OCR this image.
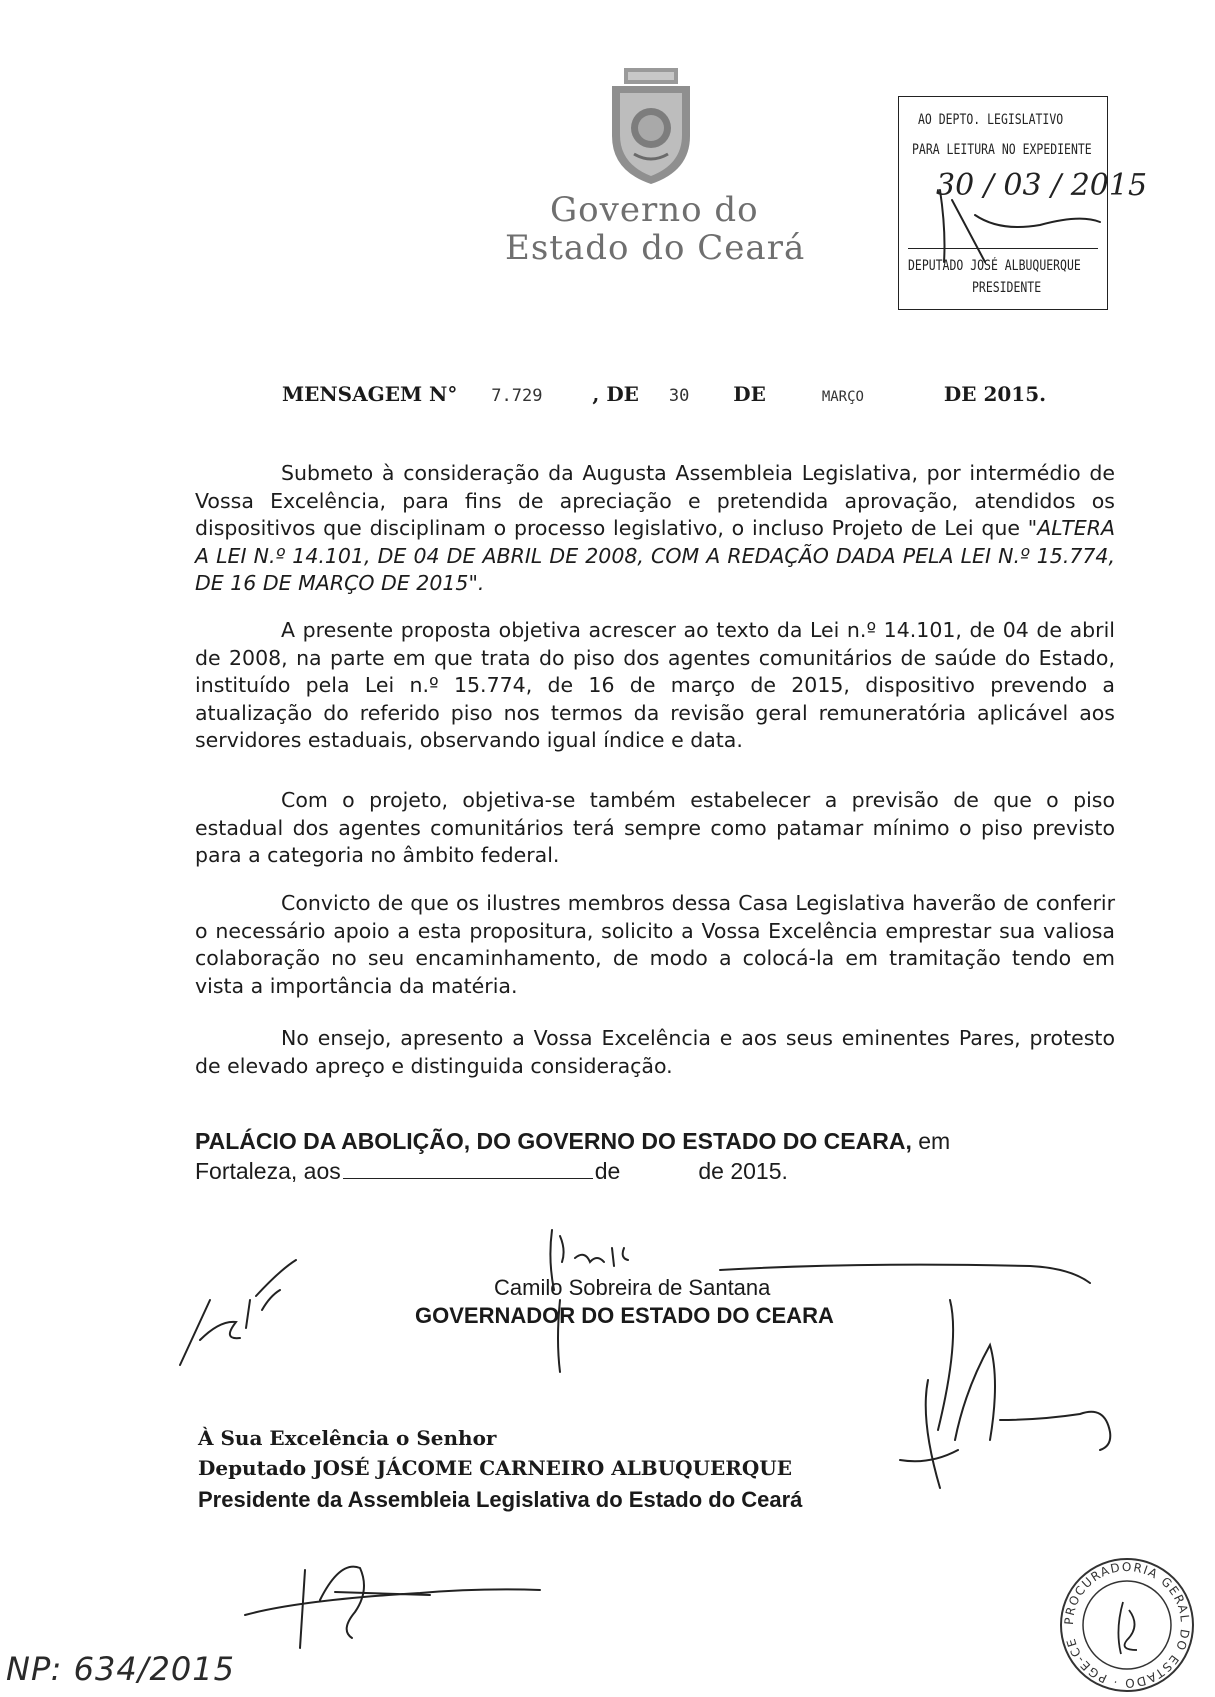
Governo do
Estado do Ceará
AO DEPTO. LEGISLATIVO
PARA LEITURA NO EXPEDIENTE
30 / 03 / 2015
DEPUTADO JOSÉ ALBUQUERQUE
PRESIDENTE
MENSAGEM N° 7.729 , DE 30 DE	MARÇO	DE 2015.
Submeto à consideração da Augusta Assembleia Legislativa, por intermédio de Vossa Excelência, para fins de apreciação e pretendida aprovação, atendidos os dispositivos que disciplinam o processo legislativo, o incluso Projeto de Lei que "ALTERA A LEI N.º 14.101, DE 04 DE ABRIL DE 2008, COM A REDAÇÃO DADA PELA LEI N.º 15.774, DE 16 DE MARÇO DE 2015".
A presente proposta objetiva acrescer ao texto da Lei n.º 14.101, de 04 de abril de 2008, na parte em que trata do piso dos agentes comunitários de saúde do Estado, instituído pela Lei n.º 15.774, de 16 de março de 2015, dispositivo prevendo a atualização do referido piso nos termos da revisão geral remuneratória aplicável aos servidores estaduais, observando igual índice e data.
Com o projeto, objetiva-se também estabelecer a previsão de que o piso estadual dos agentes comunitários terá sempre como patamar mínimo o piso previsto para a categoria no âmbito federal.
Convicto de que os ilustres membros dessa Casa Legislativa haverão de conferir o necessário apoio a esta propositura, solicito a Vossa Excelência emprestar sua valiosa colaboração no seu encaminhamento, de modo a colocá-la em tramitação tendo em vista a importância da matéria.
No ensejo, apresento a Vossa Excelência e aos seus eminentes Pares, protesto de elevado apreço e distinguida consideração.
PALÁCIO DA ABOLIÇÃO, DO GOVERNO DO ESTADO DO CEARA, em
Fortaleza, aos	de	de 2015.
Camilo Sobreira de Santana
GOVERNADOR DO ESTADO DO CEARA
À Sua Excelência o Senhor
Deputado JOSÉ JÁCOME CARNEIRO ALBUQUERQUE
Presidente da Assembleia Legislativa do Estado do Ceará
NP: 634/2015
PROCURADORIA GERAL DO ESTADO · PGE-CE
